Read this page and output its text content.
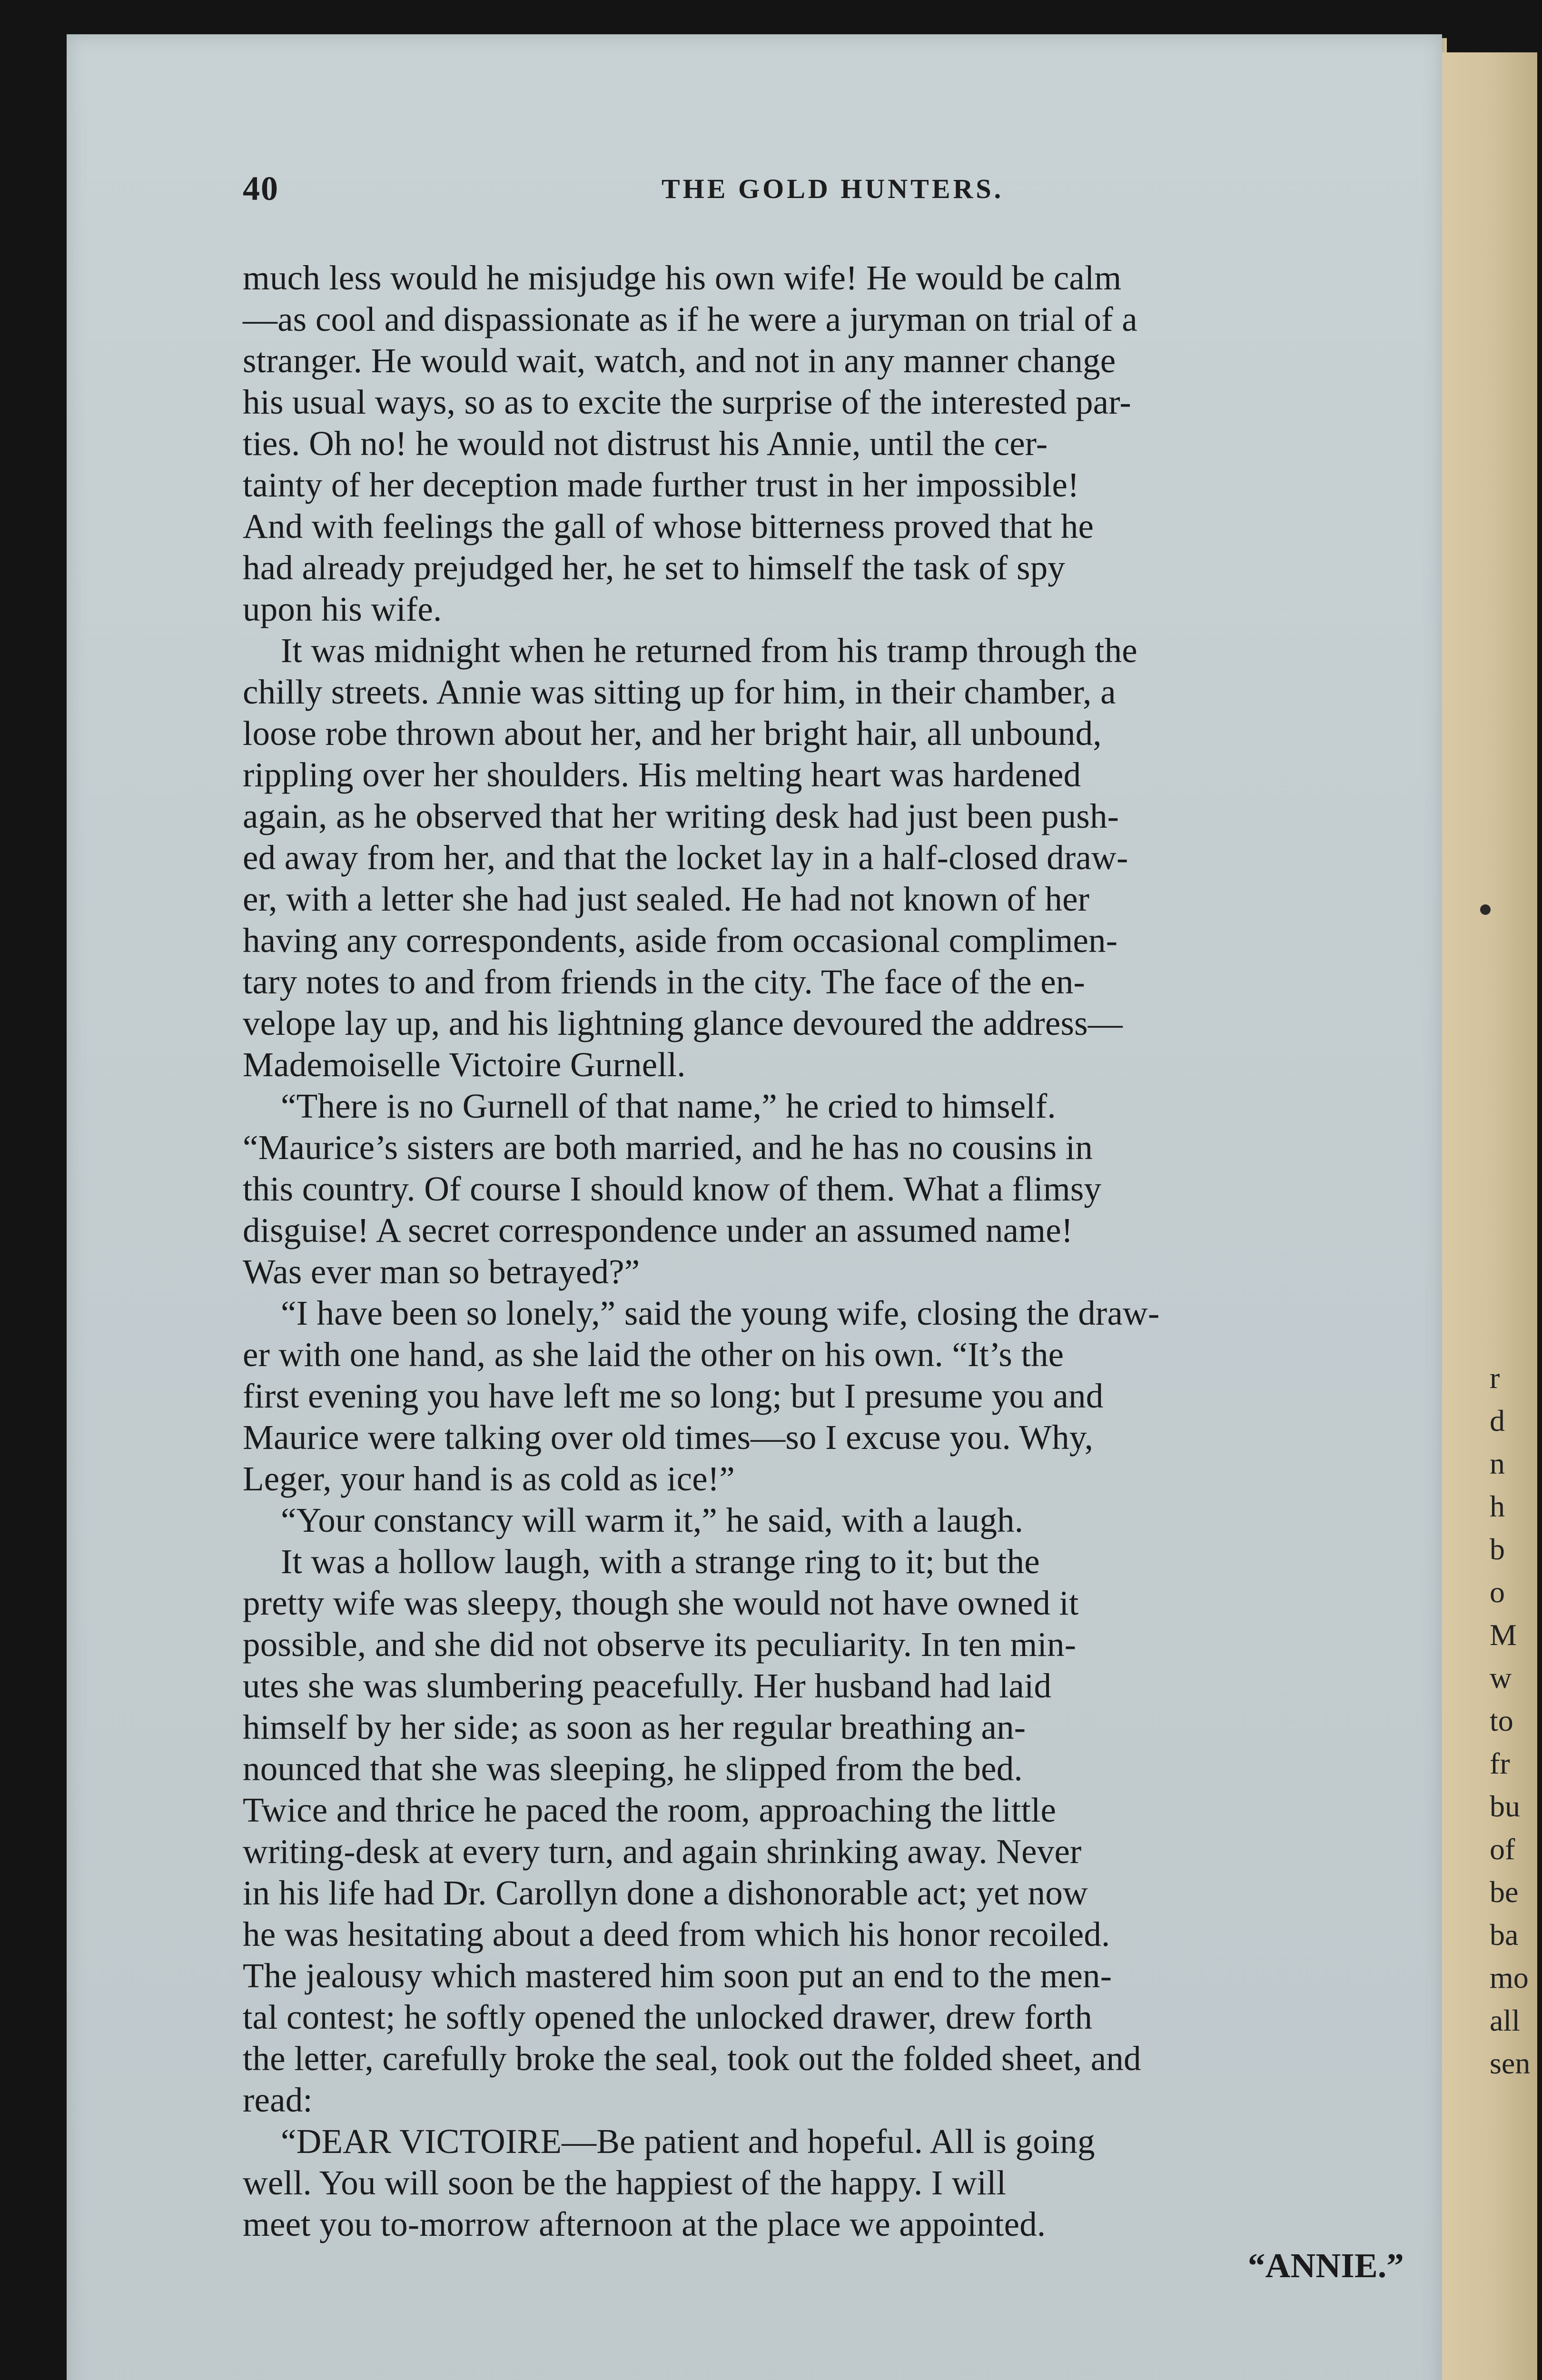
40	THE GOLD HUNTERS.
much less would he misjudge his own wife! He would be calm
—as cool and dispassionate as if he were a juryman on trial of a
stranger. He would wait, watch, and not in any manner change
his usual ways, so as to excite the surprise of the interested par-
ties. Oh no! he would not distrust his Annie, until the cer-
tainty of her deception made further trust in her impossible!
And with feelings the gall of whose bitterness proved that he
had already prejudged her, he set to himself the task of spy
upon his wife.
It was midnight when he returned from his tramp through the
chilly streets. Annie was sitting up for him, in their chamber, a
loose robe thrown about her, and her bright hair, all unbound,
rippling over her shoulders. His melting heart was hardened
again, as he observed that her writing desk had just been push-
ed away from her, and that the locket lay in a half-closed draw-
er, with a letter she had just sealed. He had not known of her
having any correspondents, aside from occasional complimen-
tary notes to and from friends in the city. The face of the en-
velope lay up, and his lightning glance devoured the address—
Mademoiselle Victoire Gurnell.
“There is no Gurnell of that name,” he cried to himself.
“Maurice’s sisters are both married, and he has no cousins in
this country. Of course I should know of them. What a flimsy
disguise! A secret correspondence under an assumed name!
Was ever man so betrayed?”
“I have been so lonely,” said the young wife, closing the draw-
er with one hand, as she laid the other on his own. “It’s the
first evening you have left me so long; but I presume you and
Maurice were talking over old times—so I excuse you. Why,
Leger, your hand is as cold as ice!”
“Your constancy will warm it,” he said, with a laugh.
It was a hollow laugh, with a strange ring to it; but the
pretty wife was sleepy, though she would not have owned it
possible, and she did not observe its peculiarity. In ten min-
utes she was slumbering peacefully. Her husband had laid
himself by her side; as soon as her regular breathing an-
nounced that she was sleeping, he slipped from the bed.
Twice and thrice he paced the room, approaching the little
writing-desk at every turn, and again shrinking away. Never
in his life had Dr. Carollyn done a dishonorable act; yet now
he was hesitating about a deed from which his honor recoiled.
The jealousy which mastered him soon put an end to the men-
tal contest; he softly opened the unlocked drawer, drew forth
the letter, carefully broke the seal, took out the folded sheet, and
read:
“DEAR VICTOIRE—Be patient and hopeful. All is going
well. You will soon be the happiest of the happy. I will
meet you to-morrow afternoon at the place we appointed.
“ANNIE.”
r
d
n
h
b
o
M
w
to
fr
bu
of
be
ba
mo
all
sen
